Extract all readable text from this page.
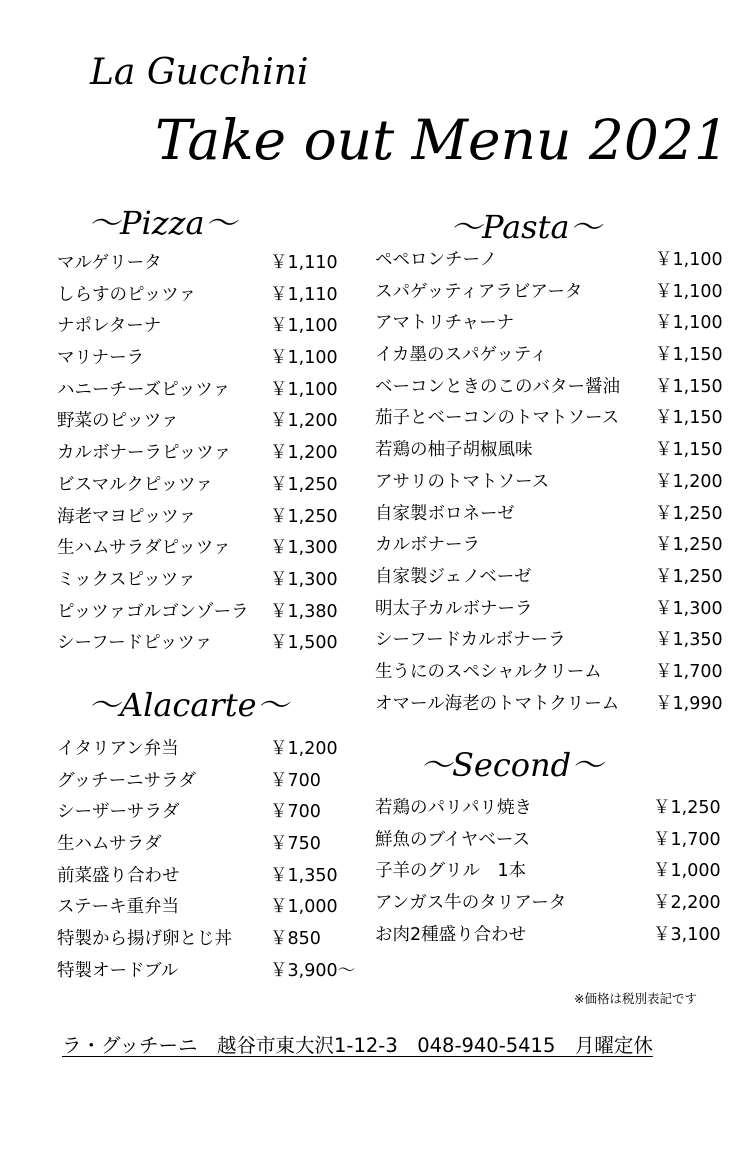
La Gucchini
Take out Menu 2021
～Pizza～
マルゲリータ	￥1,110
しらすのピッツァ	￥1,110
ナポレターナ	￥1,100
マリナーラ	￥1,100
ハニーチーズピッツァ ￥1,100
野菜のピッツァ	￥1,200
カルボナーラピッツァ ￥1,200
ビスマルクピッツァ	￥1,250
海老マヨピッツァ	￥1,250
生ハムサラダピッツァ ￥1,300
ミックスピッツァ	￥1,300
ピッツァゴルゴンゾーラ ￥1,380
シーフードピッツァ	￥1,500
～Alacarte～
イタリアン弁当	￥1,200
グッチーニサラダ	￥700
シーザーサラダ	￥700
生ハムサラダ	￥750
前菜盛り合わせ	￥1,350
ステーキ重弁当	￥1,000
特製から揚げ卵とじ丼 ￥850
特製オードブル	￥3,900～
～Pasta～
ペペロンチーノ	￥1,100
スパゲッティアラビアータ	￥1,100
アマトリチャーナ	￥1,100
イカ墨のスパゲッティ	￥1,150
ベーコンときのこのバター醤油 ￥1,150
茄子とベーコンのトマトソース ￥1,150
若鶏の柚子胡椒風味	￥1,150
アサリのトマトソース	￥1,200
自家製ボロネーゼ	￥1,250
カルボナーラ	￥1,250
自家製ジェノベーゼ	￥1,250
明太子カルボナーラ	￥1,300
シーフードカルボナーラ	￥1,350
生うにのスペシャルクリーム	￥1,700
オマール海老のトマトクリーム ￥1,990
～Second～
若鶏のパリパリ焼き	￥1,250
鮮魚のブイヤベース	￥1,700
子羊のグリル　1本	￥1,000
アンガス牛のタリアータ	￥2,200
お肉2種盛り合わせ	￥3,100
※価格は税別表記です
ラ・グッチーニ　越谷市東大沢1-12-3　048-940-5415　月曜定休
